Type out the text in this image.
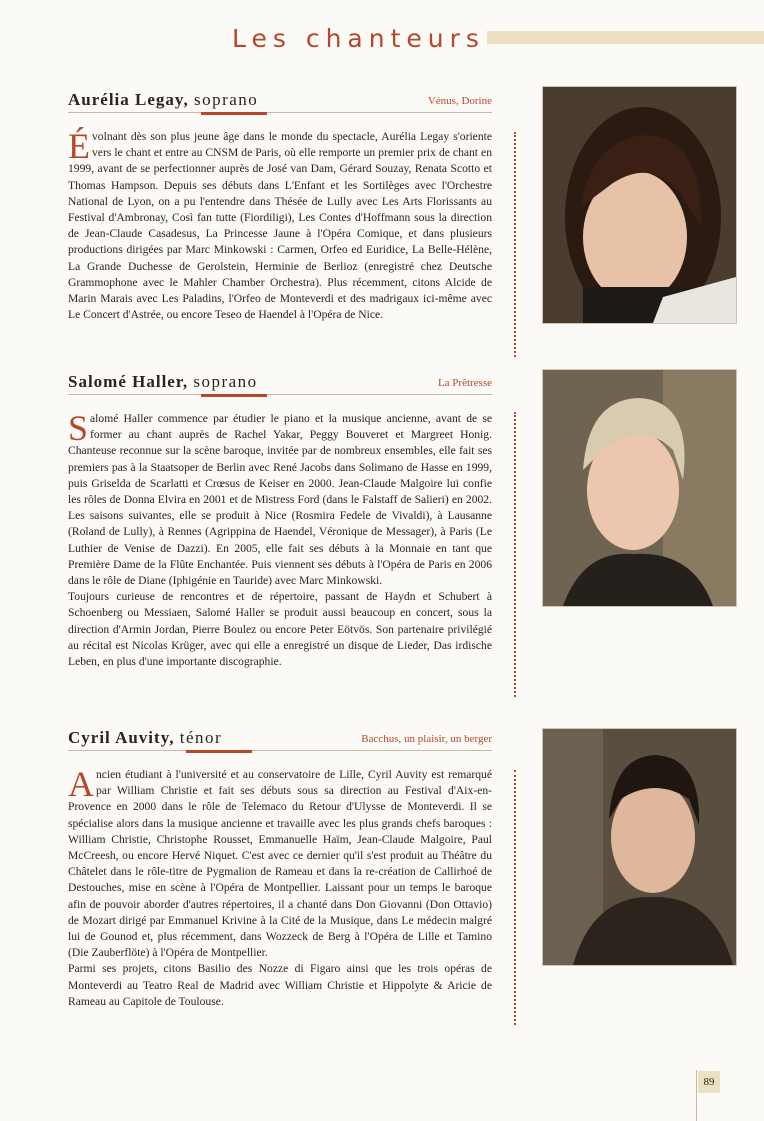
Les chanteurs
Aurélia Legay, soprano	Vénus, Dorine

Évolnant dès son plus jeune âge dans le monde du spectacle, Aurélia Legay s'oriente vers le chant et entre au CNSM de Paris, où elle remporte un premier prix de chant en 1999, avant de se perfectionner auprès de José van Dam, Gérard Souzay, Renata Scotto et Thomas Hampson. Depuis ses débuts dans L'Enfant et les Sortilèges avec l'Orchestre National de Lyon, on a pu l'entendre dans Thésée de Lully avec Les Arts Florissants au Festival d'Ambronay, Così fan tutte (Fiordiligi), Les Contes d'Hoffmann sous la direction de Jean-Claude Casadesus, La Princesse Jaune à l'Opéra Comique, et dans plusieurs productions dirigées par Marc Minkowski : Carmen, Orfeo ed Euridice, La Belle-Hélène, La Grande Duchesse de Gerolstein, Herminie de Berlioz (enregistré chez Deutsche Grammophone avec le Mahler Chamber Orchestra). Plus récemment, citons Alcide de Marin Marais avec Les Paladins, l'Orfeo de Monteverdi et des madrigaux ici-même avec Le Concert d'Astrée, ou encore Teseo de Haendel à l'Opéra de Nice.

Salomé Haller, soprano	La Prêtresse

Salomé Haller commence par étudier le piano et la musique ancienne, avant de se former au chant auprès de Rachel Yakar, Peggy Bouveret et Margreet Honig. Chanteuse reconnue sur la scène baroque, invitée par de nombreux ensembles, elle fait ses premiers pas à la Staatsoper de Berlin avec René Jacobs dans Solimano de Hasse en 1999, puis Griselda de Scarlatti et Crœsus de Keiser en 2000. Jean-Claude Malgoire lui confie les rôles de Donna Elvira en 2001 et de Mistress Ford (dans le Falstaff de Salieri) en 2002. Les saisons suivantes, elle se produit à Nice (Rosmira Fedele de Vivaldi), à Lausanne (Roland de Lully), à Rennes (Agrippina de Haendel, Véronique de Messager), à Paris (Le Luthier de Venise de Dazzi). En 2005, elle fait ses débuts à la Monnaie en tant que Première Dame de la Flûte Enchantée. Puis viennent ses débuts à l'Opéra de Paris en 2006 dans le rôle de Diane (Iphigénie en Tauride) avec Marc Minkowski.

Toujours curieuse de rencontres et de répertoire, passant de Haydn et Schubert à Schoenberg ou Messiaen, Salomé Haller se produit aussi beaucoup en concert, sous la direction d'Armin Jordan, Pierre Boulez ou encore Peter Eötvös. Son partenaire privilégié au récital est Nicolas Krüger, avec qui elle a enregistré un disque de Lieder, Das irdische Leben, en plus d'une importante discographie.

Cyril Auvity, ténor	Bacchus, un plaisir, un berger

Ancien étudiant à l'université et au conservatoire de Lille, Cyril Auvity est remarqué par William Christie et fait ses débuts sous sa direction au Festival d'Aix-en-Provence en 2000 dans le rôle de Telemaco du Retour d'Ulysse de Monteverdi. Il se spécialise alors dans la musique ancienne et travaille avec les plus grands chefs baroques : William Christie, Christophe Rousset, Emmanuelle Haïm, Jean-Claude Malgoire, Paul McCreesh, ou encore Hervé Niquet. C'est avec ce dernier qu'il s'est produit au Théâtre du Châtelet dans le rôle-titre de Pygmalion de Rameau et dans la re-création de Callirhoé de Destouches, mise en scène à l'Opéra de Montpellier. Laissant pour un temps le baroque afin de pouvoir aborder d'autres répertoires, il a chanté dans Don Giovanni (Don Ottavio) de Mozart dirigé par Emmanuel Krivine à la Cité de la Musique, dans Le médecin malgré lui de Gounod et, plus récemment, dans Wozzeck de Berg à l'Opéra de Lille et Tamino (Die Zauberflöte) à l'Opéra de Montpellier.

Parmi ses projets, citons Basilio des Nozze di Figaro ainsi que les trois opéras de Monteverdi au Teatro Real de Madrid avec William Christie et Hippolyte & Aricie de Rameau au Capitole de Toulouse.

89
